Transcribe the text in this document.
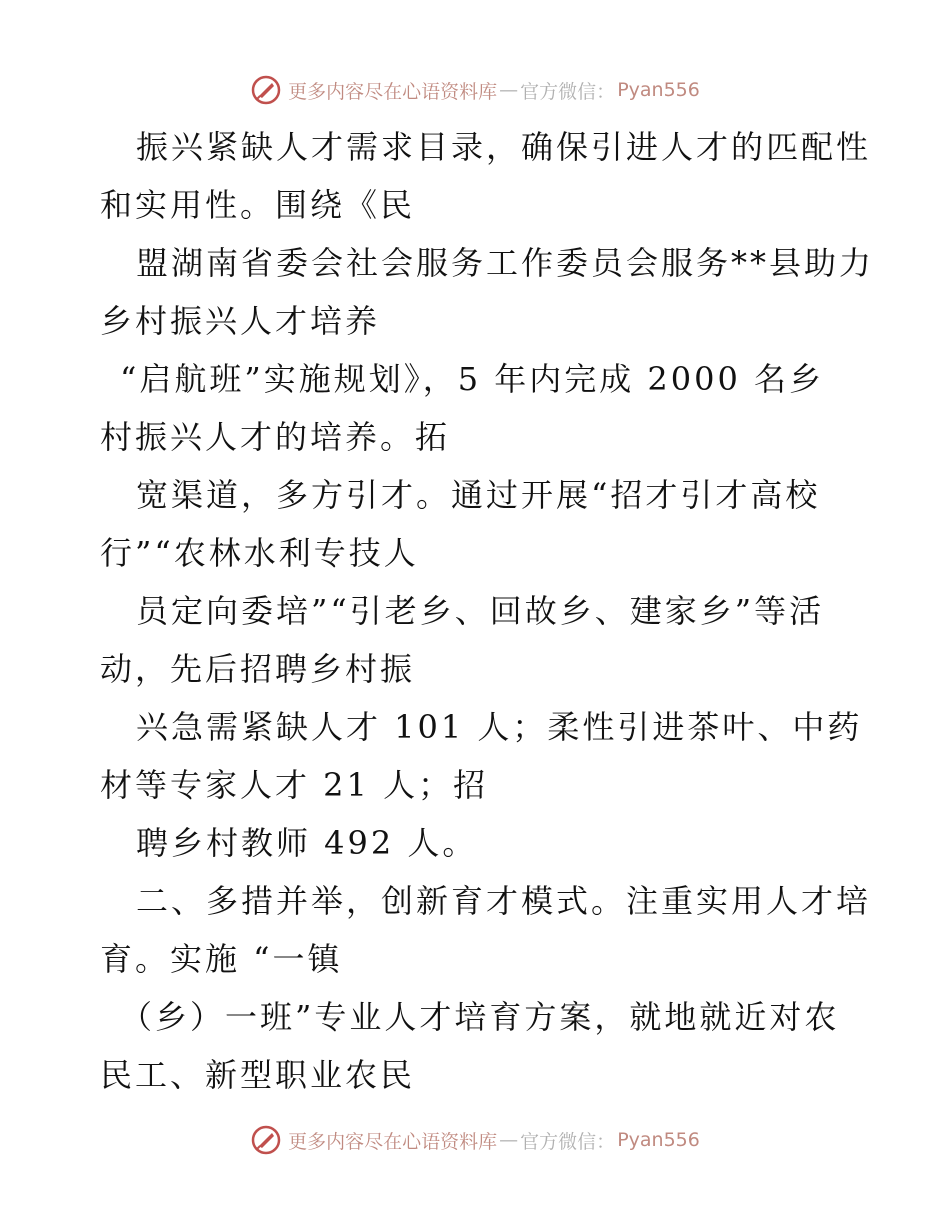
更多内容尽在心语资料库 — 官方微信： Pyan556
振兴紧缺人才需求目录，确保引进人才的匹配性
和实用性。围绕《民
盟湖南省委会社会服务工作委员会服务**县助力
乡村振兴人才培养
“启航班”实施规划》，5 年内完成 2000 名乡
村振兴人才的培养。拓
宽渠道，多方引才。通过开展“招才引才高校
行”“农林水利专技人
员定向委培”“引老乡、回故乡、建家乡”等活
动，先后招聘乡村振
兴急需紧缺人才 101 人；柔性引进茶叶、中药
材等专家人才 21 人；招
聘乡村教师 492 人。
二、多措并举，创新育才模式。注重实用人才培
育。实施 “一镇
（乡）一班”专业人才培育方案，就地就近对农
民工、新型职业农民
更多内容尽在心语资料库 — 官方微信： Pyan556
